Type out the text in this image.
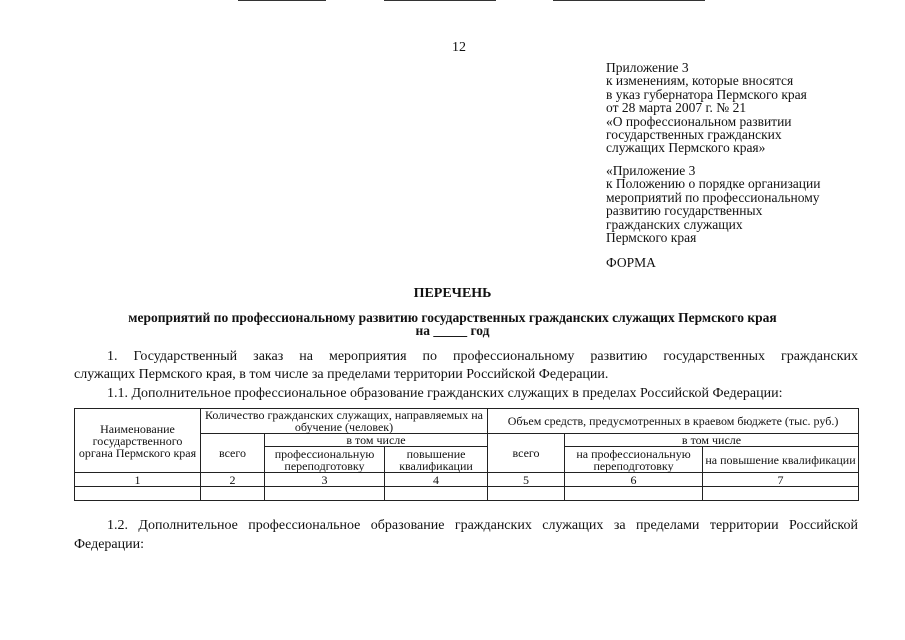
12
Приложение 3
к изменениям, которые вносятся
в указ губернатора Пермского края
от 28 марта 2007 г. № 21
«О профессиональном развитии
государственных гражданских
служащих Пермского края»
«Приложение 3
к Положению о порядке организации
мероприятий по профессиональному
развитию государственных
гражданских служащих
Пермского края
ФОРМА
ПЕРЕЧЕНЬ
мероприятий по профессиональному развитию государственных гражданских служащих Пермского края
на _____ год
1. Государственный заказ на мероприятия по профессиональному развитию государственных гражданских
служащих Пермского края, в том числе за пределами территории Российской Федерации.
1.1. Дополнительное профессиональное образование гражданских служащих в пределах Российской Федерации:
Наименование государственного органа Пермского края	Количество гражданских служащих, направляемых на обучение (человек)			Объем средств, предусмотренных в краевом бюджете (тыс. руб.)		
	всего	в том числе		всего	в том числе	
		профессиональную переподготовку	повышение квалификации		на профессиональную переподготовку	на повышение квалификации
1	2	3	4	5	6	7

1.2. Дополнительное профессиональное образование гражданских служащих за пределами территории Российской
Федерации:
